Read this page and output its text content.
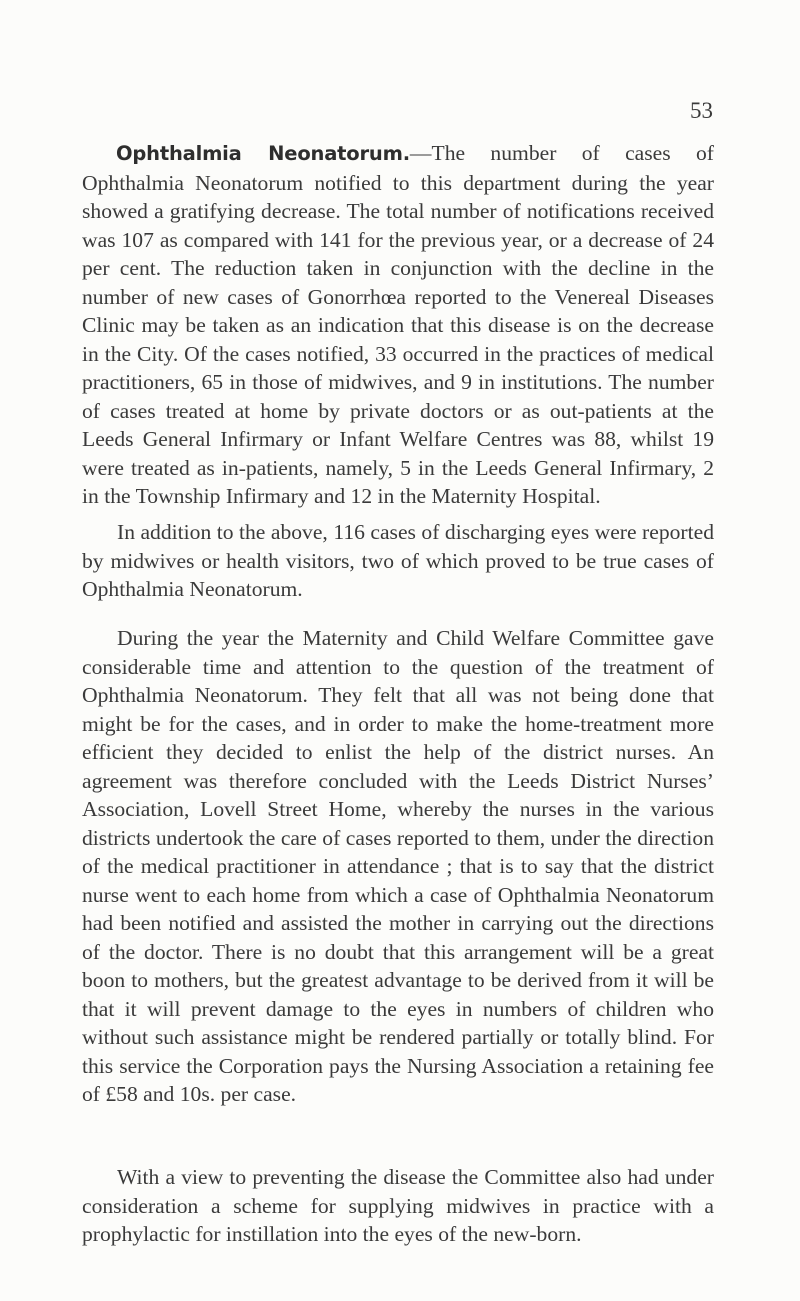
53

Ophthalmia Neonatorum.—The number of cases of Ophthalmia Neonatorum notified to this department during the year showed a gratifying decrease. The total number of notifications received was 107 as compared with 141 for the previous year, or a decrease of 24 per cent. The reduction taken in conjunction with the decline in the number of new cases of Gonorrhœa reported to the Venereal Diseases Clinic may be taken as an indication that this disease is on the decrease in the City. Of the cases notified, 33 occurred in the practices of medical practitioners, 65 in those of midwives, and 9 in institutions. The number of cases treated at home by private doctors or as out-patients at the Leeds General Infirmary or Infant Welfare Centres was 88, whilst 19 were treated as in-patients, namely, 5 in the Leeds General Infirmary, 2 in the Township Infirmary and 12 in the Maternity Hospital.

In addition to the above, 116 cases of discharging eyes were reported by midwives or health visitors, two of which proved to be true cases of Ophthalmia Neonatorum.

During the year the Maternity and Child Welfare Committee gave considerable time and attention to the question of the treatment of Ophthalmia Neonatorum. They felt that all was not being done that might be for the cases, and in order to make the home-treatment more efficient they decided to enlist the help of the district nurses. An agreement was therefore concluded with the Leeds District Nurses’ Association, Lovell Street Home, whereby the nurses in the various districts undertook the care of cases reported to them, under the direction of the medical practitioner in attendance ; that is to say that the district nurse went to each home from which a case of Ophthalmia Neonatorum had been notified and assisted the mother in carrying out the directions of the doctor. There is no doubt that this arrangement will be a great boon to mothers, but the greatest advantage to be derived from it will be that it will prevent damage to the eyes in numbers of children who without such assistance might be rendered partially or totally blind. For this service the Corporation pays the Nursing Association a retaining fee of £58 and 10s. per case.

With a view to preventing the disease the Committee also had under consideration a scheme for supplying midwives in practice with a prophylactic for instillation into the eyes of the new-born.
